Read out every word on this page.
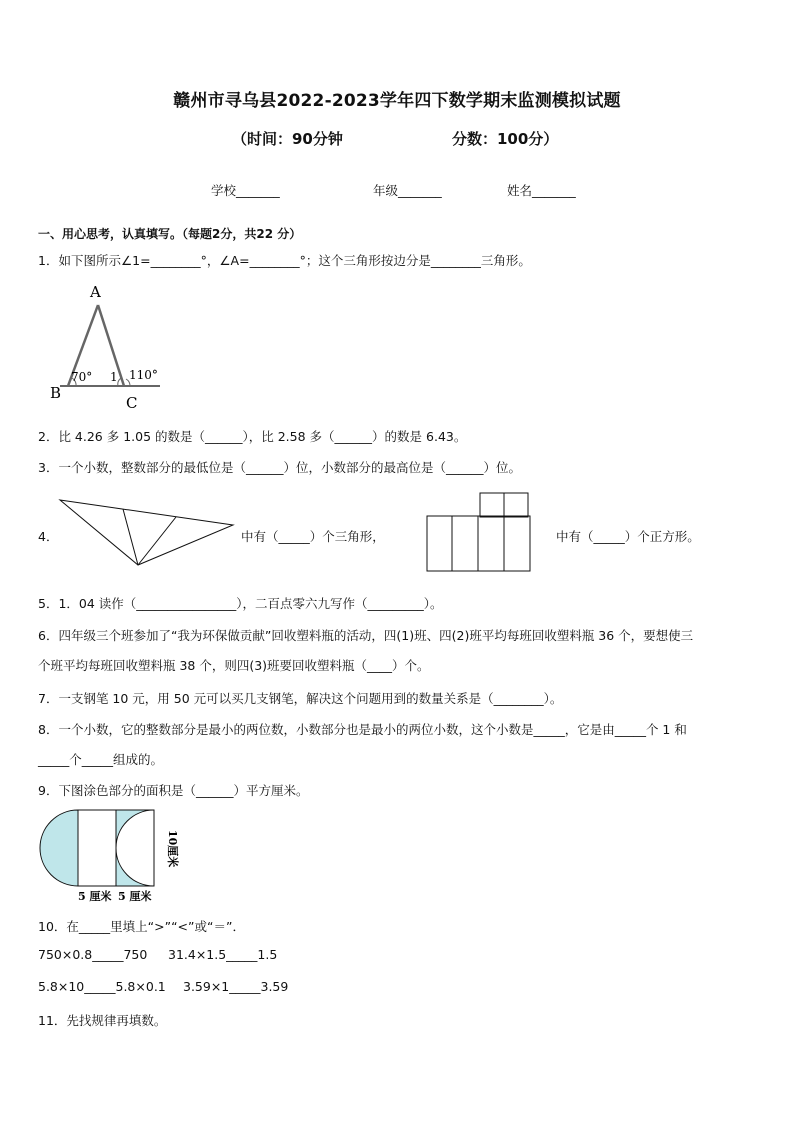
赣州市寻乌县2022-2023学年四下数学期末监测模拟试题
（时间：90分钟	分数：100分）
学校_______	年级_______	姓名_______
一、用心思考，认真填写。（每题2分，共22 分）
1．如下图所示∠1=________°，∠A=________°；这个三角形按边分是________三角形。
A
B
C
70° 1 110°
2．比 4.26 多 1.05 的数是（______），比 2.58 多（______）的数是 6.43。
3．一个小数，整数部分的最低位是（______）位，小数部分的最高位是（______）位。
4．	中有（_____）个三角形，	中有（_____）个正方形。
5．1．04 读作（________________），二百点零六九写作（_________）。
6．四年级三个班参加了“我为环保做贡献”回收塑料瓶的活动，四(1)班、四(2)班平均每班回收塑料瓶 36 个，要想使三
个班平均每班回收塑料瓶 38 个，则四(3)班要回收塑料瓶（____）个。
7．一支钢笔 10 元，用 50 元可以买几支钢笔，解决这个问题用到的数量关系是（________）。
8．一个小数，它的整数部分是最小的两位数，小数部分也是最小的两位小数，这个小数是_____，它是由_____个 1 和
_____个_____组成的。
9．下图涂色部分的面积是（______）平方厘米。
5 厘米 5 厘米
10厘米
10．在_____里填上“>”“<”或“＝”．
750×0.8_____750 31.4×1.5_____1.5
5.8×10_____5.8×0.1 3.59×1_____3.59
11．先找规律再填数。
